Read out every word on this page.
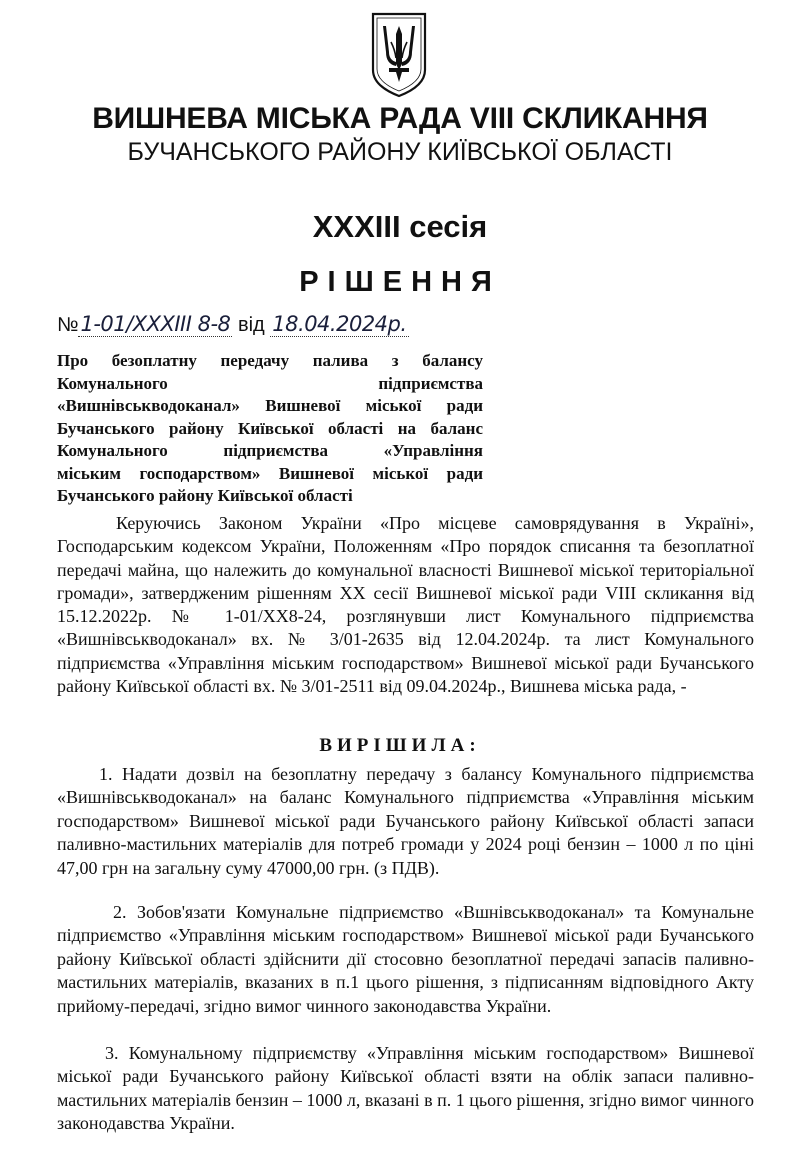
ВИШНЕВА МІСЬКА РАДА VIII СКЛИКАННЯ
БУЧАНСЬКОГО РАЙОНУ КИЇВСЬКОЇ ОБЛАСТІ
XXXIII сесія
РІШЕННЯ
№1-01/XXXIII 8-8 від 18.04.2024р.
Про безоплатну передачу палива з балансу
Комунального підприємства
«Вишнівськводоканал» Вишневої міської ради
Бучанського району Київської області на баланс
Комунального підприємства «Управління
міським господарством» Вишневої міської ради
Бучанського району Київської області
Керуючись Законом України «Про місцеве самоврядування в Україні», Господарським кодексом України, Положенням «Про порядок списання та безоплатної передачі майна, що належить до комунальної власності Вишневої міської територіальної громади», затвердженим рішенням XX сесії Вишневої міської ради VIII скликання від 15.12.2022р. № 1-01/XX8-24, розглянувши лист Комунального підприємства «Вишнівськводоканал» вх. № 3/01-2635 від 12.04.2024р. та лист Комунального підприємства «Управління міським господарством» Вишневої міської ради Бучанського району Київської області вх. № 3/01-2511 від 09.04.2024р., Вишнева міська рада, -
ВИРІШИЛА:
1. Надати дозвіл на безоплатну передачу з балансу Комунального підприємства «Вишнівськводоканал» на баланс Комунального підприємства «Управління міським господарством» Вишневої міської ради Бучанського району Київської області запаси паливно-мастильних матеріалів для потреб громади у 2024 році бензин – 1000 л по ціні 47,00 грн на загальну суму 47000,00 грн. (з ПДВ).
2. Зобов'язати Комунальне підприємство «Вшнівськводоканал» та Комунальне підприємство «Управління міським господарством» Вишневої міської ради Бучанського району Київської області здійснити дії стосовно безоплатної передачі запасів паливно-мастильних матеріалів, вказаних в п.1 цього рішення, з підписанням відповідного Акту прийому-передачі, згідно вимог чинного законодавства України.
3. Комунальному підприємству «Управління міським господарством» Вишневої міської ради Бучанського району Київської області взяти на облік запаси паливно-мастильних матеріалів бензин – 1000 л, вказані в п. 1 цього рішення, згідно вимог чинного законодавства України.
